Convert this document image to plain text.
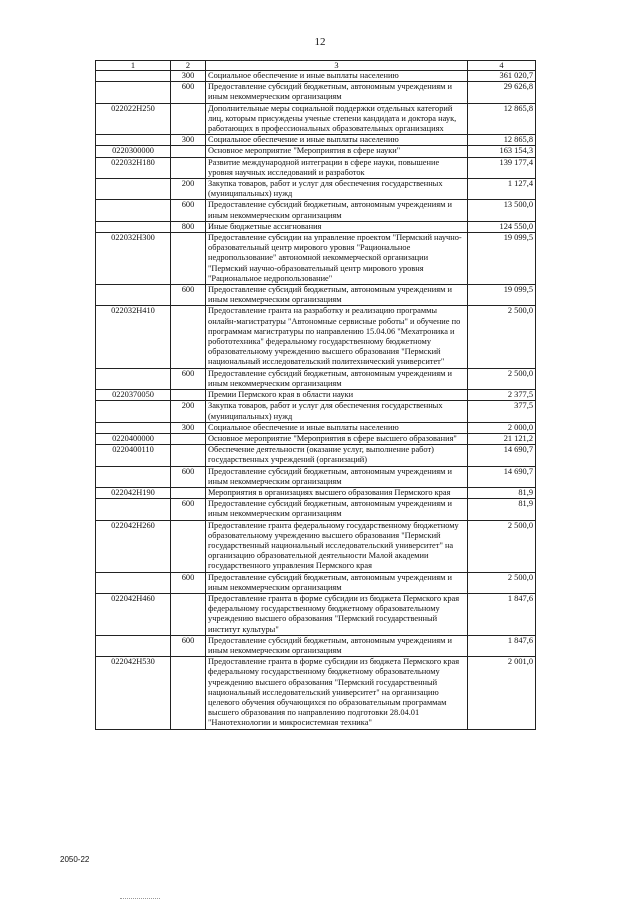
12
1	2	3	4
	300	Социальное обеспечение и иные выплаты населению	361 020,7
	600	Предоставление субсидий бюджетным, автономным учреждениям и иным некоммерческим организациям	29 626,8
022022Н250		Дополнительные меры социальной поддержки отдельных категорий лиц, которым присуждены ученые степени кандидата и доктора наук, работающих в профессиональных образовательных организациях	12 865,8
	300	Социальное обеспечение и иные выплаты населению	12 865,8
0220300000		Основное мероприятие "Мероприятия в сфере науки"	163 154,3
022032Н180		Развитие международной интеграции в сфере науки, повышение уровня научных исследований и разработок	139 177,4
	200	Закупка товаров, работ и услуг для обеспечения государственных (муниципальных) нужд	1 127,4
	600	Предоставление субсидий бюджетным, автономным учреждениям и иным некоммерческим организациям	13 500,0
	800	Иные бюджетные ассигнования	124 550,0
022032Н300		Предоставление субсидии на управление проектом "Пермский научно-образовательный центр мирового уровня "Рациональное недропользование" автономной некоммерческой организации "Пермский научно-образовательный центр мирового уровня "Рациональное недропользование"	19 099,5
	600	Предоставление субсидий бюджетным, автономным учреждениям и иным некоммерческим организациям	19 099,5
022032Н410		Предоставление гранта на разработку и реализацию программы онлайн-магистратуры "Автономные сервисные роботы" и обучение по программам магистратуры по направлению 15.04.06 "Мехатроника и робототехника" федеральному государственному бюджетному образовательному учреждению высшего образования "Пермский национальный исследовательский политехнический университет"	2 500,0
	600	Предоставление субсидий бюджетным, автономным учреждениям и иным некоммерческим организациям	2 500,0
0220370050		Премии Пермского края в области науки	2 377,5
	200	Закупка товаров, работ и услуг для обеспечения государственных (муниципальных) нужд	377,5
	300	Социальное обеспечение и иные выплаты населению	2 000,0
0220400000		Основное мероприятие "Мероприятия в сфере высшего образования"	21 121,2
0220400110		Обеспечение деятельности (оказание услуг, выполнение работ) государственных учреждений (организаций)	14 690,7
	600	Предоставление субсидий бюджетным, автономным учреждениям и иным некоммерческим организациям	14 690,7
022042Н190		Мероприятия в организациях высшего образования Пермского края	81,9
	600	Предоставление субсидий бюджетным, автономным учреждениям и иным некоммерческим организациям	81,9
022042Н260		Предоставление гранта федеральному государственному бюджетному образовательному учреждению высшего образования "Пермский государственный национальный исследовательский университет" на организацию образовательной деятельности Малой академии государственного управления Пермского края	2 500,0
	600	Предоставление субсидий бюджетным, автономным учреждениям и иным некоммерческим организациям	2 500,0
022042Н460		Предоставление гранта в форме субсидии из бюджета Пермского края федеральному государственному бюджетному образовательному учреждению высшего образования "Пермский государственный институт культуры"	1 847,6
	600	Предоставление субсидий бюджетным, автономным учреждениям и иным некоммерческим организациям	1 847,6
022042Н530		Предоставление гранта в форме субсидии из бюджета Пермского края федеральному государственному бюджетному образовательному учреждению высшего образования "Пермский государственный национальный исследовательский университет" на организацию целевого обучения обучающихся по образовательным программам высшего образования по направлению подготовки 28.04.01 "Нанотехнологии и микросистемная техника"	2 001,0
2050-22
